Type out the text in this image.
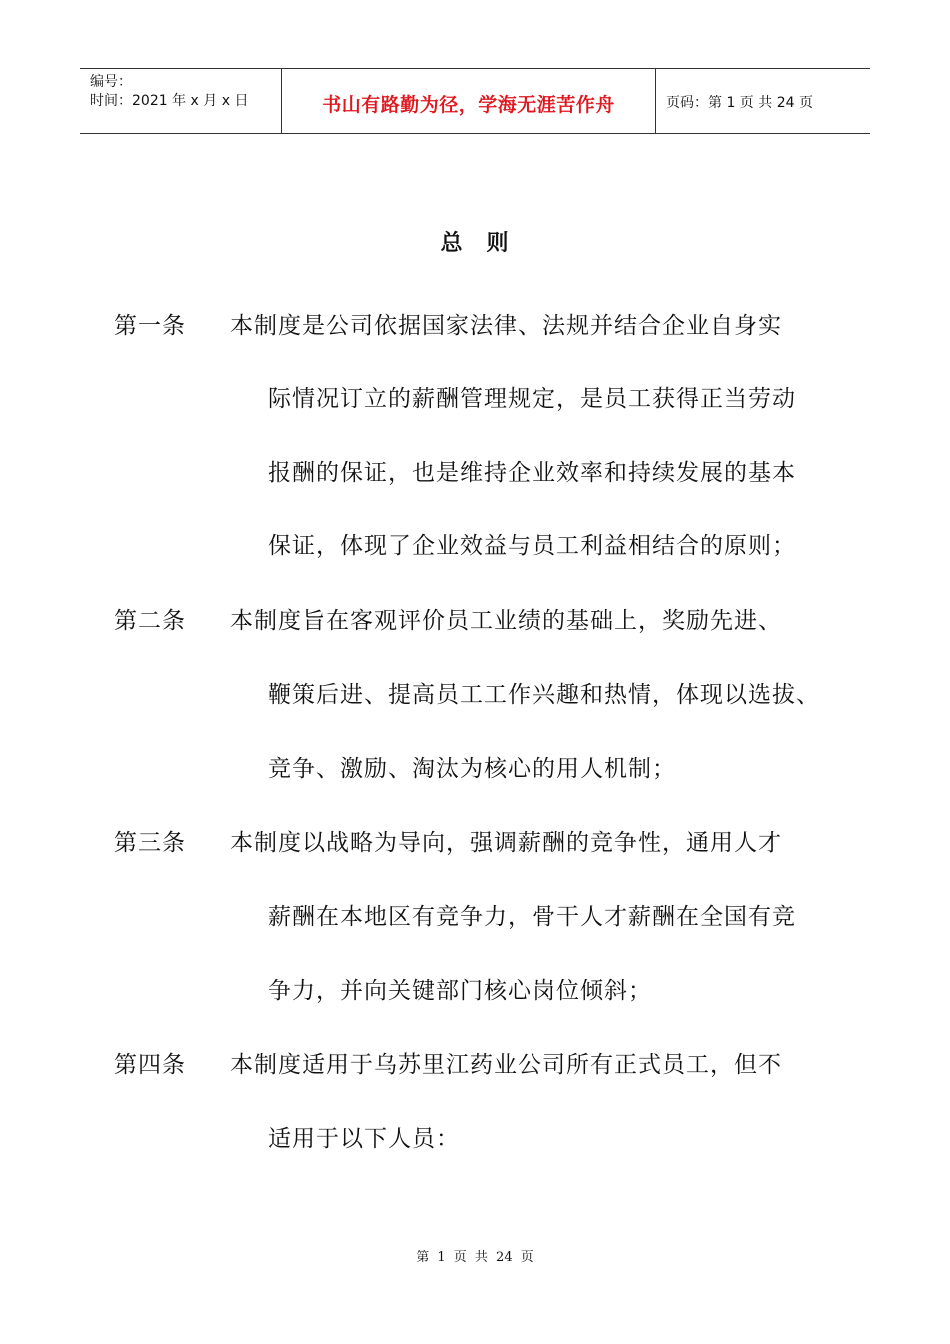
编号：
时间：2021 年 x 月 x 日	书山有路勤为径，学海无涯苦作舟	页码：第 1 页 共 24 页
总　则
第一条 本制度是公司依据国家法律、法规并结合企业自身实
际情况订立的薪酬管理规定，是员工获得正当劳动
报酬的保证，也是维持企业效率和持续发展的基本
保证，体现了企业效益与员工利益相结合的原则；
第二条 本制度旨在客观评价员工业绩的基础上，奖励先进、
鞭策后进、提高员工工作兴趣和热情，体现以选拔、
竞争、激励、淘汰为核心的用人机制；
第三条 本制度以战略为导向，强调薪酬的竞争性，通用人才
薪酬在本地区有竞争力，骨干人才薪酬在全国有竞
争力，并向关键部门核心岗位倾斜；
第四条 本制度适用于乌苏里江药业公司所有正式员工，但不
适用于以下人员：
第 1 页 共 24 页
